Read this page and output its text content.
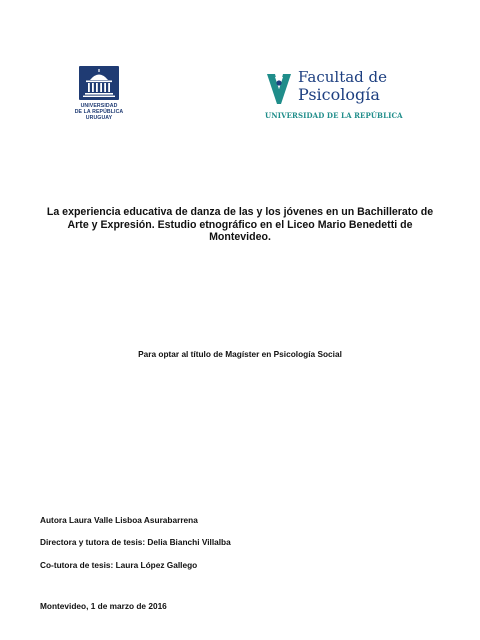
UNIVERSIDAD
DE LA REPÚBLICA
URUGUAY
Facultad de
Psicología
UNIVERSIDAD DE LA REPÚBLICA
La experiencia educativa de danza de las y los jóvenes en un Bachillerato de
Arte y Expresión. Estudio etnográfico en el Liceo Mario Benedetti de
Montevideo.
Para optar al título de Magíster en Psicología Social
Autora Laura Valle Lisboa Asurabarrena
Directora y tutora de tesis: Delia Bianchi Villalba
Co-tutora de tesis: Laura López Gallego
Montevideo, 1 de marzo de 2016
